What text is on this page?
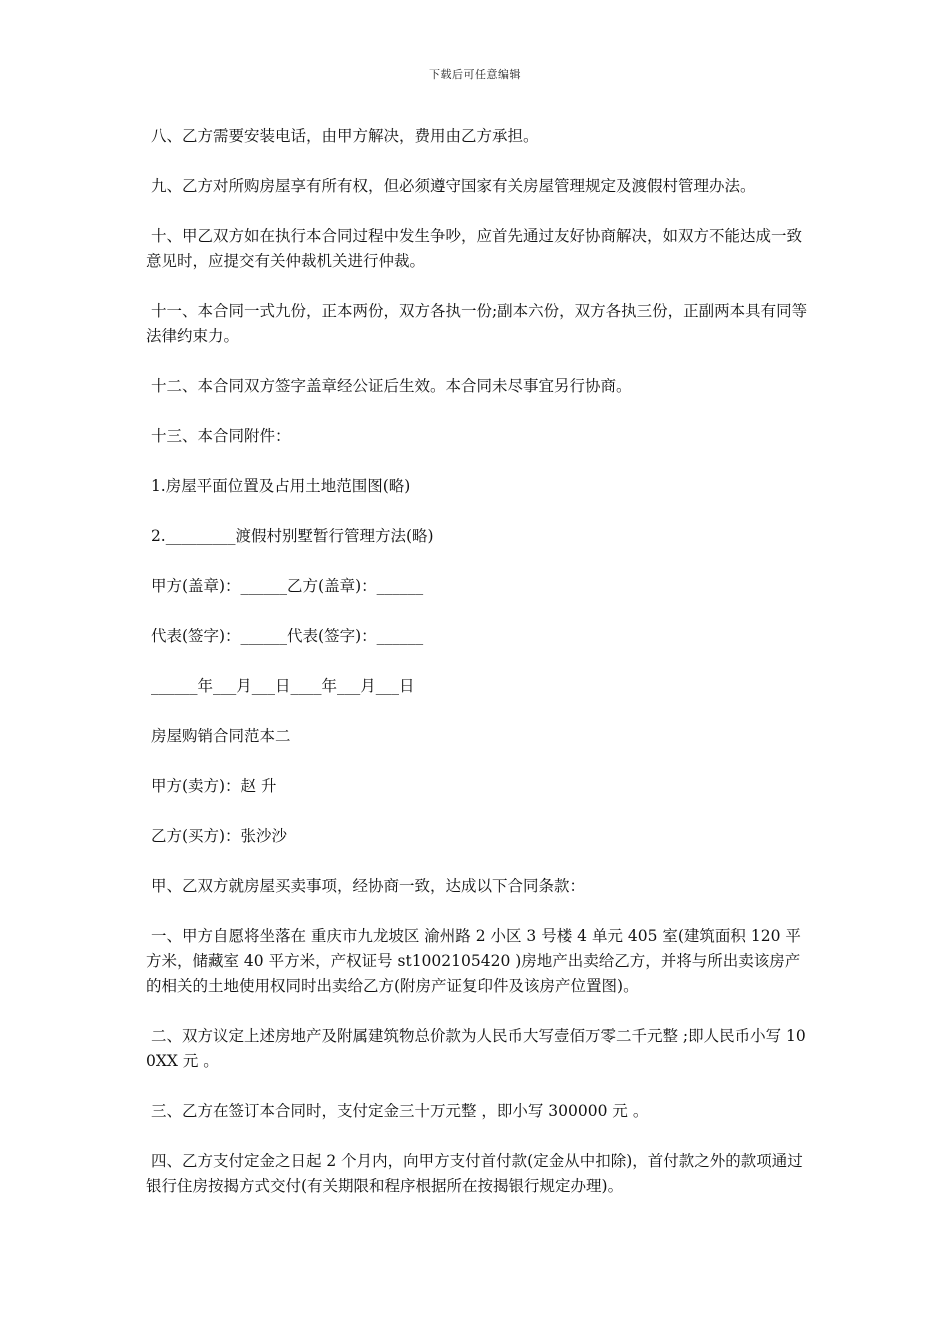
下载后可任意编辑

八、乙方需要安装电话，由甲方解决，费用由乙方承担。

九、乙方对所购房屋享有所有权，但必须遵守国家有关房屋管理规定及渡假村管理办法。

十、甲乙双方如在执行本合同过程中发生争吵，应首先通过友好协商解决，如双方不能达成一致意见时，应提交有关仲裁机关进行仲裁。

十一、本合同一式九份，正本两份，双方各执一份;副本六份，双方各执三份，正副两本具有同等法律约束力。

十二、本合同双方签字盖章经公证后生效。本合同未尽事宜另行协商。

十三、本合同附件：

1.房屋平面位置及占用土地范围图(略)

2._________渡假村别墅暂行管理方法(略)

甲方(盖章)：______乙方(盖章)：______

代表(签字)：______代表(签字)：______

______年___月___日____年___月___日

房屋购销合同范本二

甲方(卖方)：赵 升

乙方(买方)：张沙沙

甲、乙双方就房屋买卖事项，经协商一致，达成以下合同条款：

一、甲方自愿将坐落在 重庆市九龙坡区 渝州路 2 小区 3 号楼 4 单元 405 室(建筑面积 120 平方米，储藏室 40 平方米，产权证号 st1002105420 )房地产出卖给乙方，并将与所出卖该房产的相关的土地使用权同时出卖给乙方(附房产证复印件及该房产位置图)。

二、双方议定上述房地产及附属建筑物总价款为人民币大写壹佰万零二千元整 ;即人民币小写 100XX 元 。

三、乙方在签订本合同时，支付定金三十万元整 ，即小写 300000 元 。

四、乙方支付定金之日起 2 个月内，向甲方支付首付款(定金从中扣除)，首付款之外的款项通过银行住房按揭方式交付(有关期限和程序根据所在按揭银行规定办理)。
